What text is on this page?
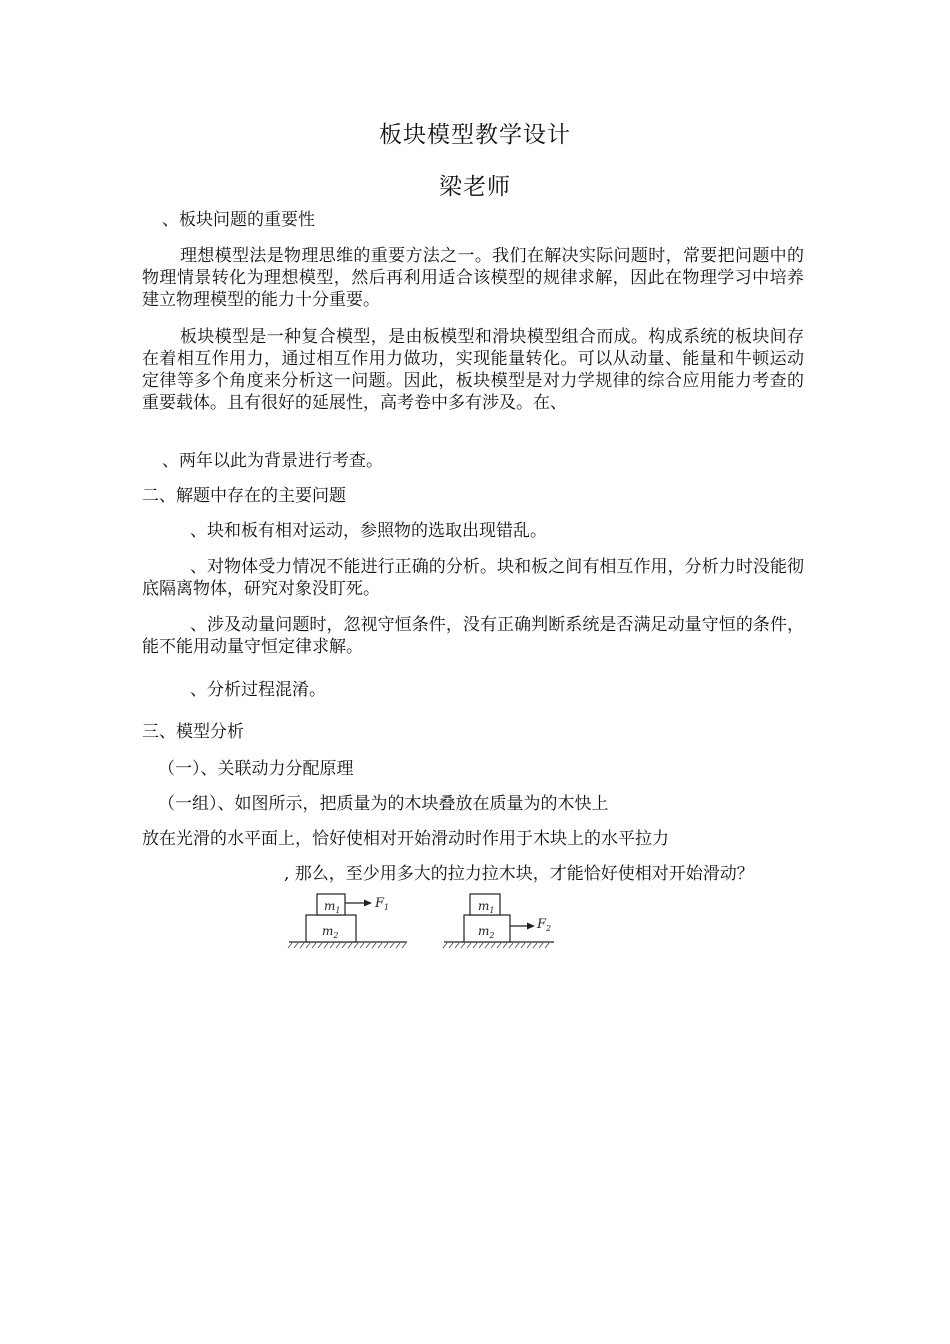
板块模型教学设计
梁老师
、板块问题的重要性
理想模型法是物理思维的重要方法之一。我们在解决实际问题时，常要把问题中的物理情景转化为理想模型，然后再利用适合该模型的规律求解，因此在物理学习中培养建立物理模型的能力十分重要。
板块模型是一种复合模型，是由板模型和滑块模型组合而成。构成系统的板块间存在着相互作用力，通过相互作用力做功，实现能量转化。可以从动量、能量和牛顿运动定律等多个角度来分析这一问题。因此，板块模型是对力学规律的综合应用能力考查的重要载体。且有很好的延展性，高考卷中多有涉及。在、
、两年以此为背景进行考查。
二、解题中存在的主要问题
、块和板有相对运动，参照物的选取出现错乱。
、对物体受力情况不能进行正确的分析。块和板之间有相互作用，分析力时没能彻底隔离物体，研究对象没盯死。
、涉及动量问题时，忽视守恒条件，没有正确判断系统是否满足动量守恒的条件，能不能用动量守恒定律求解。
、分析过程混淆。
三、模型分析
（一）、关联动力分配原理
（一组）、如图所示，把质量为的木块叠放在质量为的木快上
放在光滑的水平面上，恰好使相对开始滑动时作用于木块上的水平拉力
, 那么，至少用多大的拉力拉木块，才能恰好使相对开始滑动？
$m_1$
$m_2$
$F_1$	$m_1$
$m_2$
$F_2$
